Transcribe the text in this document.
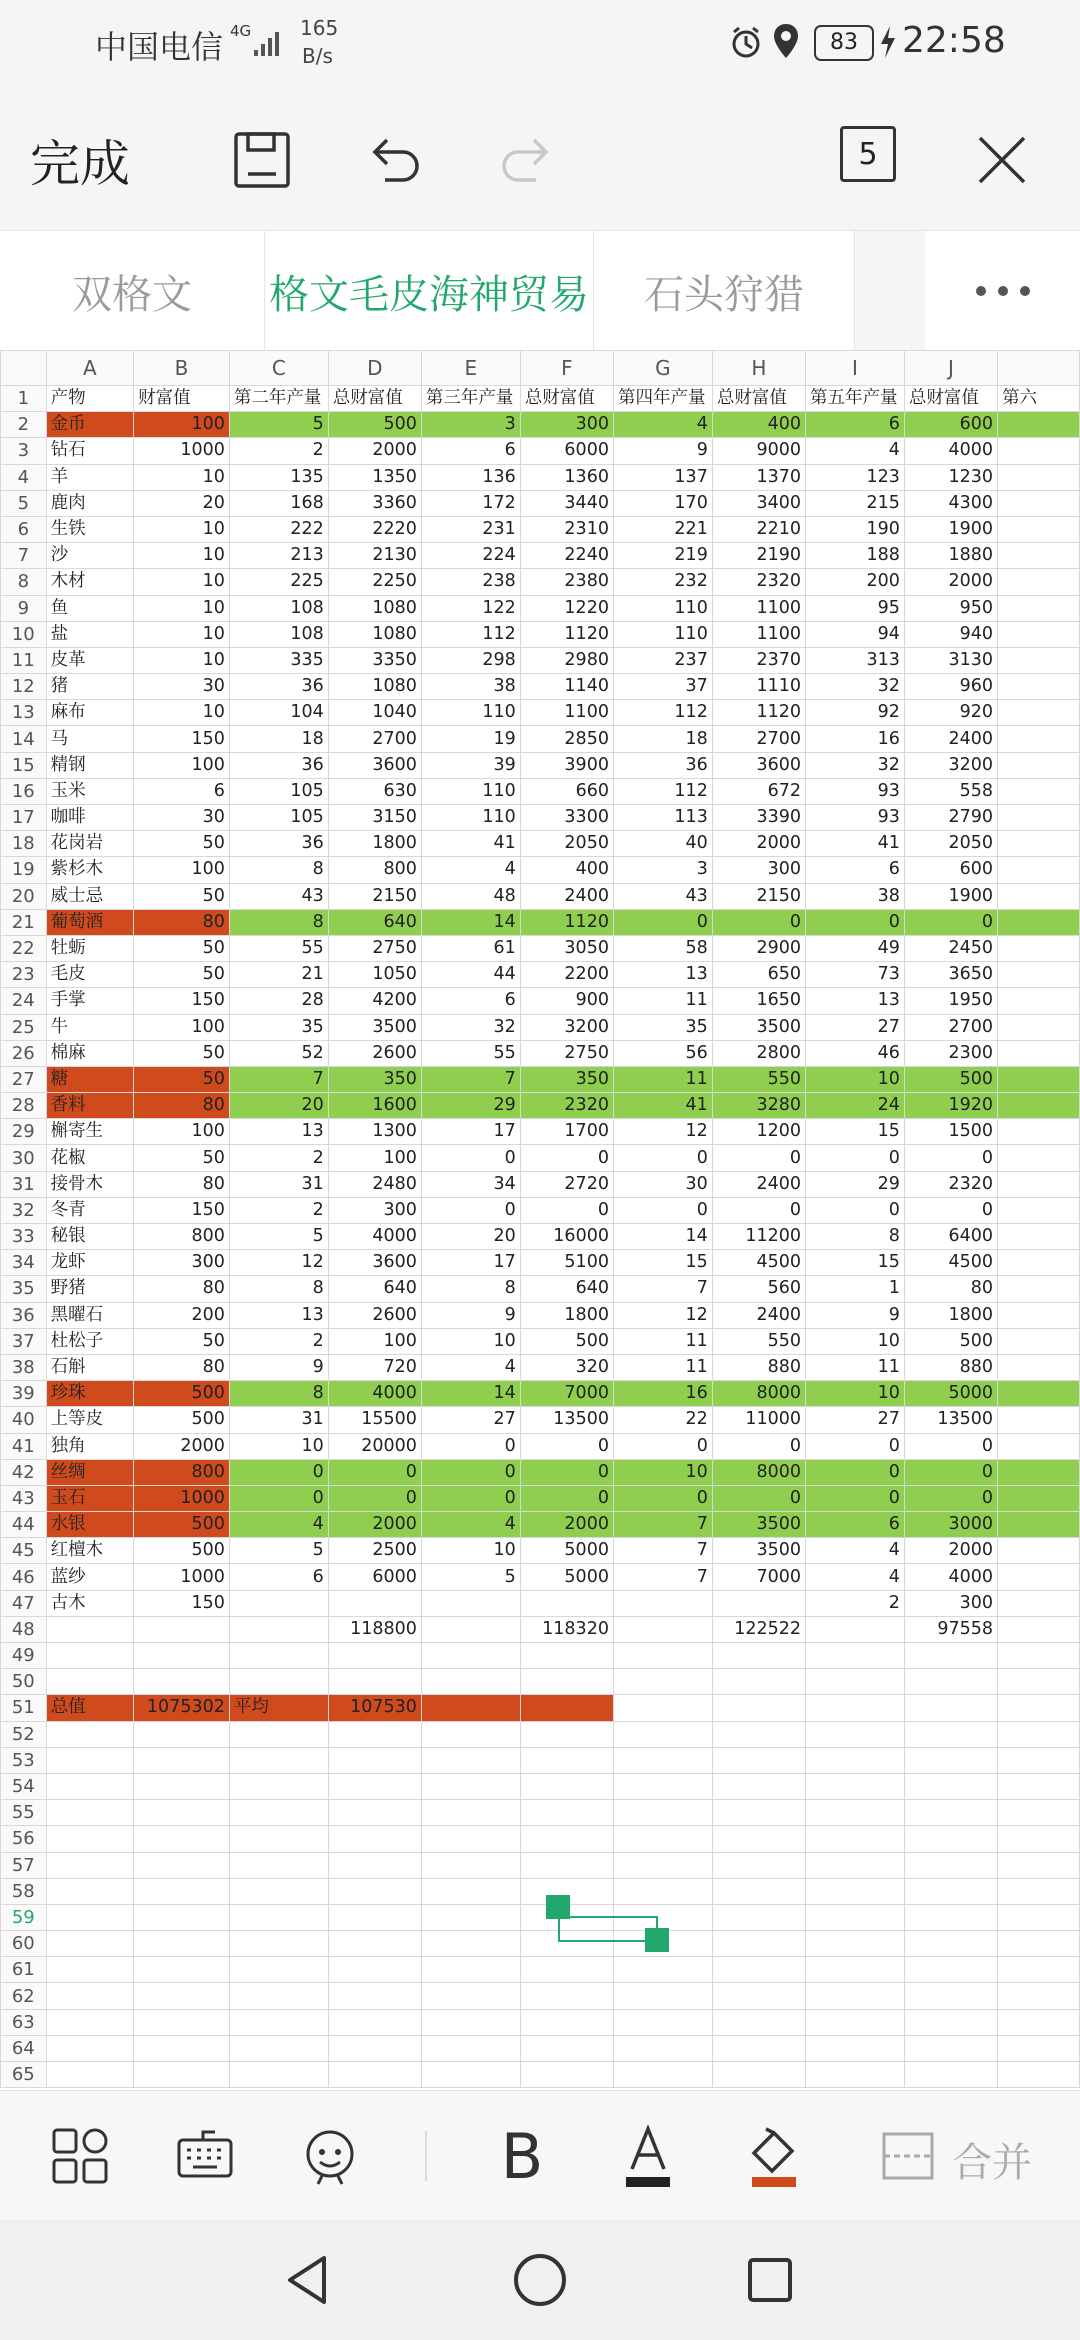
中国电信 4G 165
B/s
83	22:58
完成	5
双格文	格文毛皮海神贸易	石头狩猎
	A	B	C	D	E	F	G	H	I	J	
1	产物	财富值	第二年产量	总财富值	第三年产量	总财富值	第四年产量	总财富值	第五年产量	总财富值	第六
2	金币	100	5	500	3	300	4	400	6	600	
3	钻石	1000	2	2000	6	6000	9	9000	4	4000	
4	羊	10	135	1350	136	1360	137	1370	123	1230	
5	鹿肉	20	168	3360	172	3440	170	3400	215	4300	
6	生铁	10	222	2220	231	2310	221	2210	190	1900	
7	沙	10	213	2130	224	2240	219	2190	188	1880	
8	木材	10	225	2250	238	2380	232	2320	200	2000	
9	鱼	10	108	1080	122	1220	110	1100	95	950	
10	盐	10	108	1080	112	1120	110	1100	94	940	
11	皮革	10	335	3350	298	2980	237	2370	313	3130	
12	猪	30	36	1080	38	1140	37	1110	32	960	
13	麻布	10	104	1040	110	1100	112	1120	92	920	
14	马	150	18	2700	19	2850	18	2700	16	2400	
15	精钢	100	36	3600	39	3900	36	3600	32	3200	
16	玉米	6	105	630	110	660	112	672	93	558	
17	咖啡	30	105	3150	110	3300	113	3390	93	2790	
18	花岗岩	50	36	1800	41	2050	40	2000	41	2050	
19	紫杉木	100	8	800	4	400	3	300	6	600	
20	威士忌	50	43	2150	48	2400	43	2150	38	1900	
21	葡萄酒	80	8	640	14	1120	0	0	0	0	
22	牡蛎	50	55	2750	61	3050	58	2900	49	2450	
23	毛皮	50	21	1050	44	2200	13	650	73	3650	
24	手掌	150	28	4200	6	900	11	1650	13	1950	
25	牛	100	35	3500	32	3200	35	3500	27	2700	
26	棉麻	50	52	2600	55	2750	56	2800	46	2300	
27	糖	50	7	350	7	350	11	550	10	500	
28	香料	80	20	1600	29	2320	41	3280	24	1920	
29	槲寄生	100	13	1300	17	1700	12	1200	15	1500	
30	花椒	50	2	100	0	0	0	0	0	0	
31	接骨木	80	31	2480	34	2720	30	2400	29	2320	
32	冬青	150	2	300	0	0	0	0	0	0	
33	秘银	800	5	4000	20	16000	14	11200	8	6400	
34	龙虾	300	12	3600	17	5100	15	4500	15	4500	
35	野猪	80	8	640	8	640	7	560	1	80	
36	黑曜石	200	13	2600	9	1800	12	2400	9	1800	
37	杜松子	50	2	100	10	500	11	550	10	500	
38	石斛	80	9	720	4	320	11	880	11	880	
39	珍珠	500	8	4000	14	7000	16	8000	10	5000	
40	上等皮	500	31	15500	27	13500	22	11000	27	13500	
41	独角	2000	10	20000	0	0	0	0	0	0	
42	丝绸	800	0	0	0	0	10	8000	0	0	
43	玉石	1000	0	0	0	0	0	0	0	0	
44	水银	500	4	2000	4	2000	7	3500	6	3000	
45	红檀木	500	5	2500	10	5000	7	3500	4	2000	
46	蓝纱	1000	6	6000	5	5000	7	7000	4	4000	
47	古木	150							2	300	
48				118800		118320		122522		97558	
49											
50											
51	总值	1075302	平均	107530							
52											
53											
54											
55											
56											
57											
58											
59											
60											
61											
62											
63											
64											
65											
B	合并
